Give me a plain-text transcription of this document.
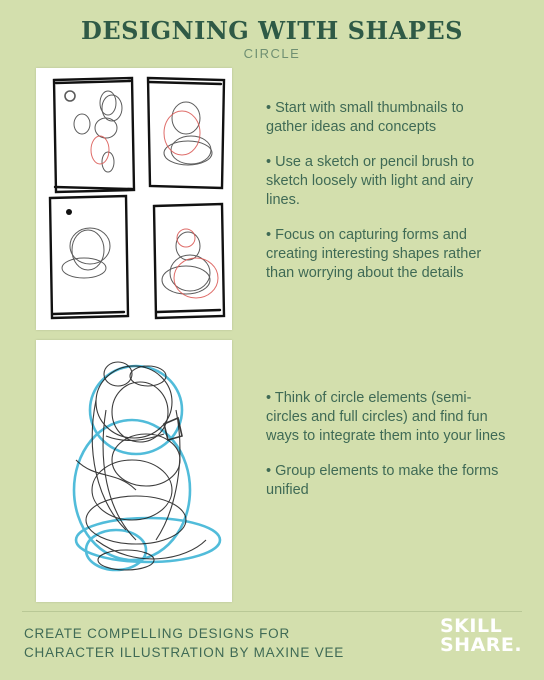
DESIGNING WITH SHAPES
CIRCLE

• Start with small thumbnails to gather ideas and concepts

• Use a sketch or pencil brush to sketch loosely with light and airy lines.

• Focus on capturing forms and creating interesting shapes rather than worrying about the details

• Think of circle elements (semi-circles and full circles) and find fun ways to integrate them into your lines

• Group elements to make the forms unified

CREATE COMPELLING DESIGNS FOR
CHARACTER ILLUSTRATION BY MAXINE VEE
SKILL
SHARE.
